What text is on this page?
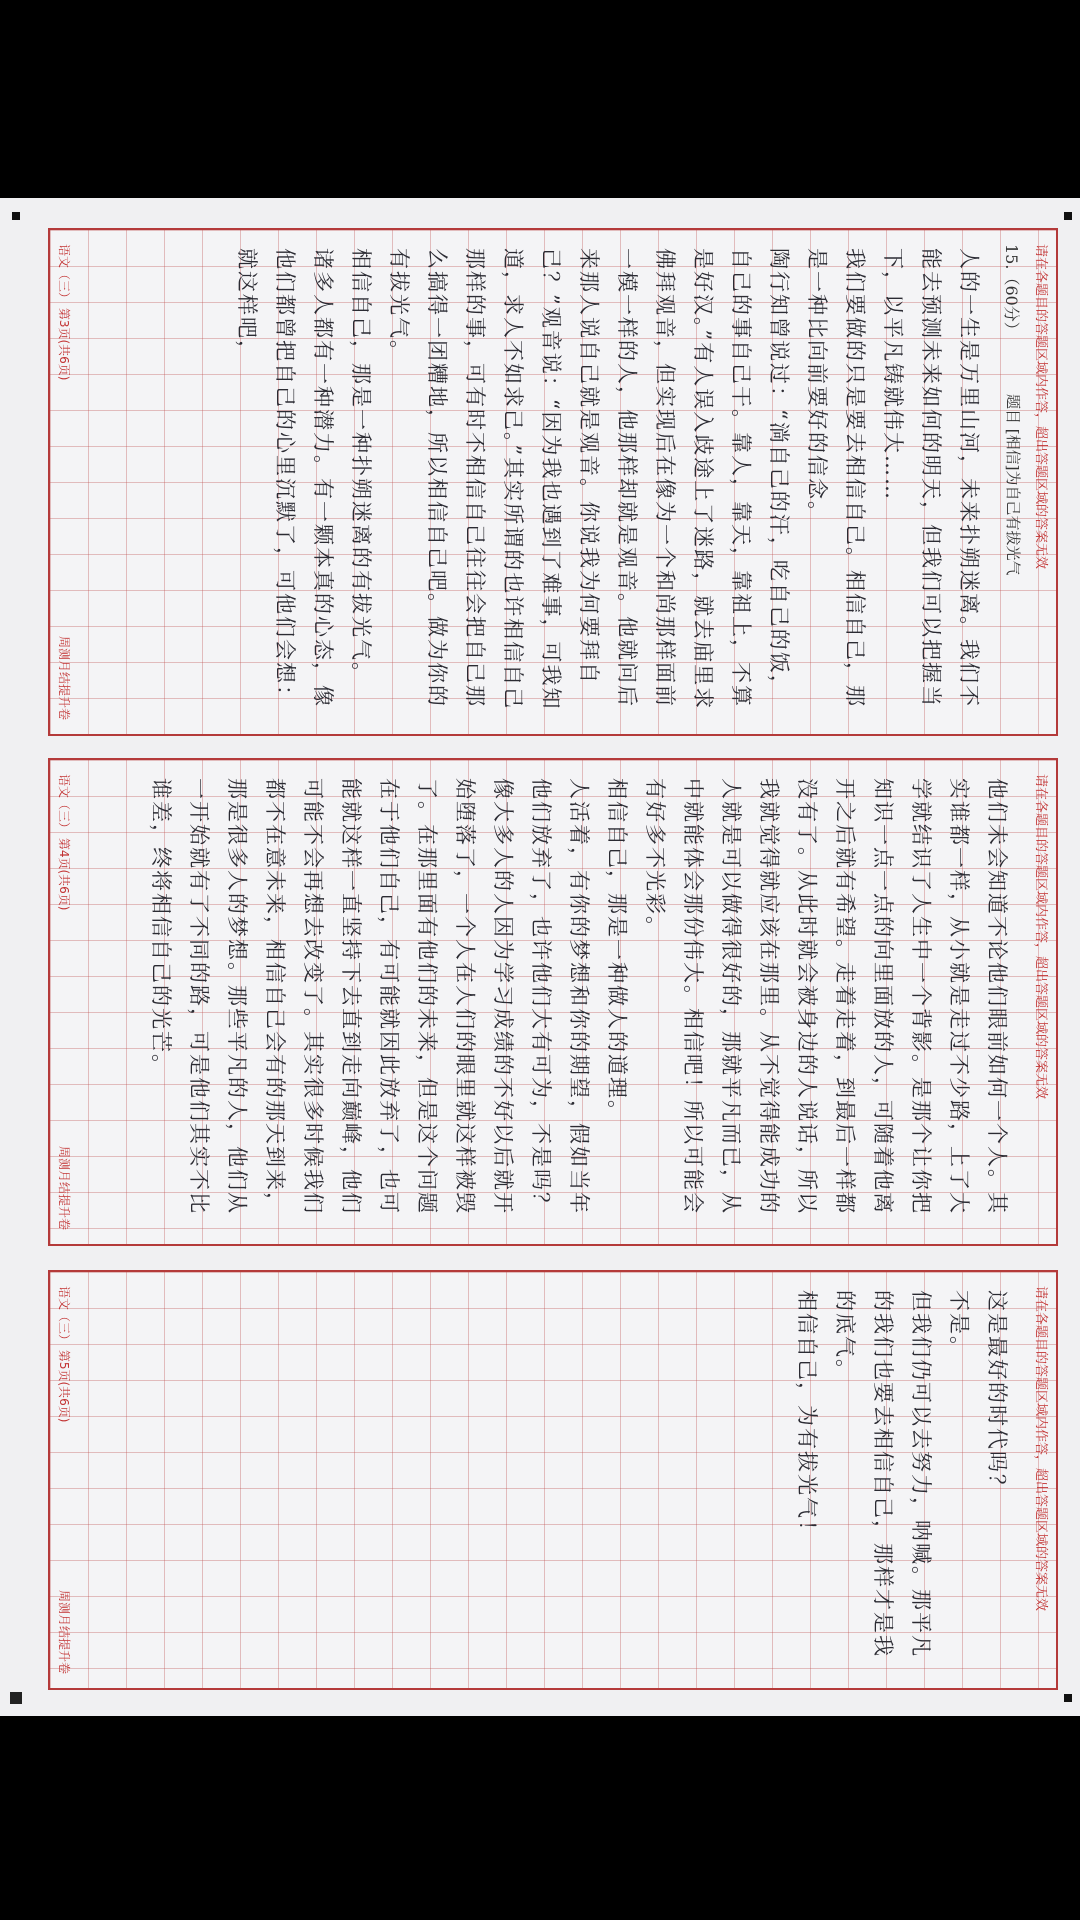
请在各题目的答题区域内作答，超出答题区域的答案无效
15.（60分）
题目 [相信]为自己有拔光气
人的一生是万里山河，未来扑朔迷离。我们不能去预测未来如何的明天，但我们可以把握当下，以平凡铸就伟大……
我们要做的只是要去相信自己。相信自己，那是一种比向前要好的信念。
陶行知曾说过：“淌自己的汗，吃自己的饭，自己的事自己干。靠人，靠天，靠祖上，不算是好汉。”有人误入歧途上了迷路，就去庙里求佛拜观音，但实现后在像为一个和尚那样面前一模一样的人，他那样却就是观音。他就问后来那人说自己就是观音。你说我为何要拜自己？”观音说：“因为我也遇到了难事，可我知道，求人不如求己。”其实所谓的也许相信自己那样的事，可有时不相信自己往往会把自己那么搞得一团糟地，所以相信自己吧。做为你的有拔光气。
相信自己，那是一种扑朔迷离的有拔光气。
诸多人都有一种潜力。有一颗本真的心态，像他们都曾把自己的心里沉默了，可他们会想：就这样吧，
语文（三） 第3页(共6页)
周测月结提升卷
请在各题目的答题区域内作答，超出答题区域的答案无效
他们未会知道不论他们眼前如何一个人。其实谁都一样，从小就是走过不少路，上了大学就结识了人生中一个背影。是那个让你把知识一点一点的向里面放的人，可随着他离开之后就有希望。走着走着，到最后一样都没有了。从此时就会被身边的人说话，所以我就觉得就应该在那里。从不觉得能成功的人就是可以做得很好的，那就平凡而已，从中就能体会那份伟大。相信吧！所以可能会有好多不光彩。
相信自己，那是一种做人的道理。
人活着，有你的梦想和你的期望，假如当年他们放弃了，也许他们大有可为，不是吗？像大多人的人因为学习成绩的不好以后就开始堕落了，一个人在人们的眼里就这样被毁了。在那里面有他们的未来，但是这个问题在于他们自己，有可能就因此放弃了，也可能就这样一直坚持下去直到走向巅峰，他们可能不会再想去改变了。其实很多时候我们都不在意未来，相信自己会有的那天到来，那是很多人的梦想。那些平凡的人，他们从一开始就有了不同的路，可是他们其实不比谁差，终将相信自己的光芒。
语文（三） 第4页(共6页)
周测月结提升卷
请在各题目的答题区域内作答，超出答题区域的答案无效
这是最好的时代吗？
不是。
但我们仍可以去努力，呐喊。那平凡的我们也要去相信自己，那样才是我的底气。
相信自己，为有拔光气！
语文（三） 第5页(共6页)
周测月结提升卷
